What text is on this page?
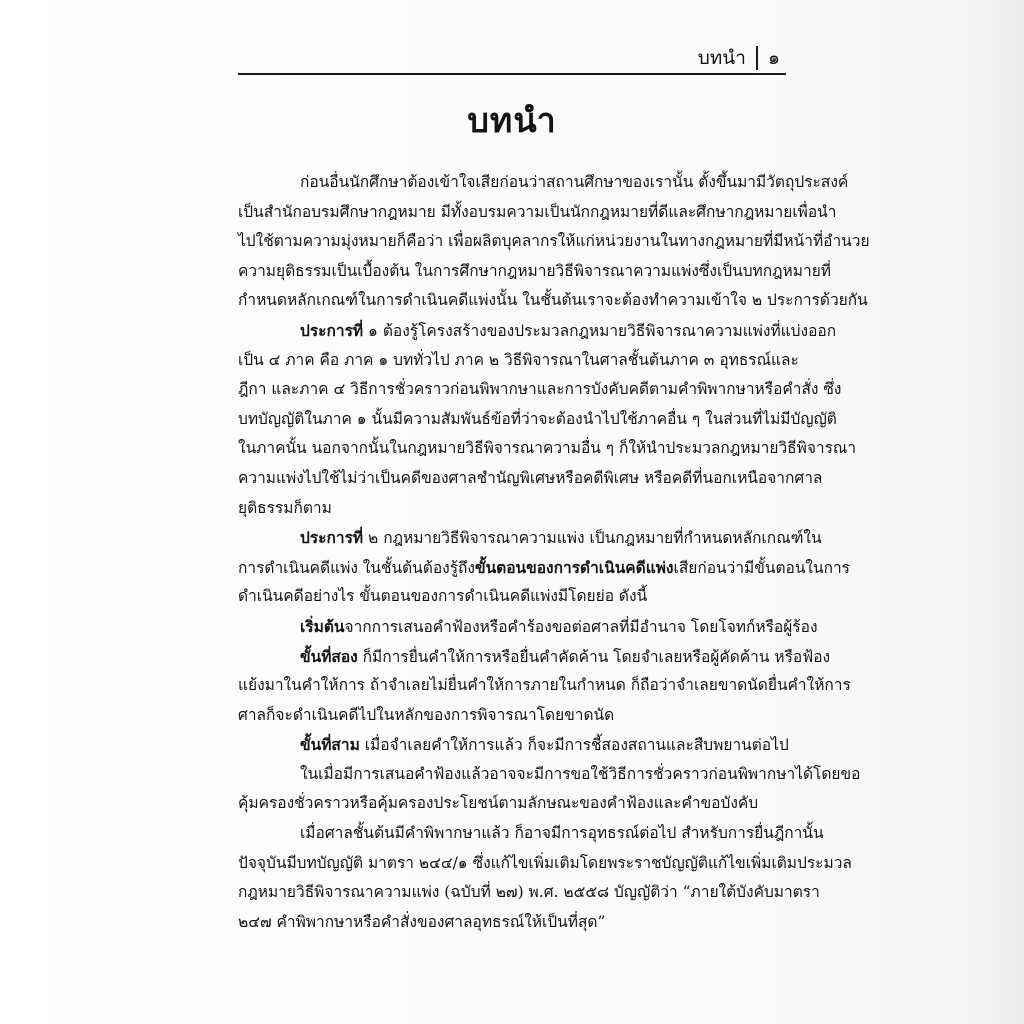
บทนำ ๑
บทนำ
ก่อนอื่นนักศึกษาต้องเข้าใจเสียก่อนว่าสถานศึกษาของเรานั้น ตั้งขึ้นมามีวัตถุประสงค์
เป็นสำนักอบรมศึกษากฎหมาย มีทั้งอบรมความเป็นนักกฎหมายที่ดีและศึกษากฎหมายเพื่อนำ
ไปใช้ตามความมุ่งหมายก็คือว่า เพื่อผลิตบุคลากรให้แก่หน่วยงานในทางกฎหมายที่มีหน้าที่อำนวย
ความยุติธรรมเป็นเบื้องต้น ในการศึกษากฎหมายวิธีพิจารณาความแพ่งซึ่งเป็นบทกฎหมายที่
กำหนดหลักเกณฑ์ในการดำเนินคดีแพ่งนั้น ในชั้นต้นเราจะต้องทำความเข้าใจ ๒ ประการด้วยกัน
ประการที่ ๑ ต้องรู้โครงสร้างของประมวลกฎหมายวิธีพิจารณาความแพ่งที่แบ่งออก
เป็น ๔ ภาค คือ ภาค ๑ บททั่วไป ภาค ๒ วิธีพิจารณาในศาลชั้นต้นภาค ๓ อุทธรณ์และ
ฎีกา และภาค ๔ วิธีการชั่วคราวก่อนพิพากษาและการบังคับคดีตามคำพิพากษาหรือคำสั่ง ซึ่ง
บทบัญญัติในภาค ๑ นั้นมีความสัมพันธ์ข้อที่ว่าจะต้องนำไปใช้ภาคอื่น ๆ ในส่วนที่ไม่มีบัญญัติ
ในภาคนั้น นอกจากนั้นในกฎหมายวิธีพิจารณาความอื่น ๆ ก็ให้นำประมวลกฎหมายวิธีพิจารณา
ความแพ่งไปใช้ไม่ว่าเป็นคดีของศาลชำนัญพิเศษหรือคดีพิเศษ หรือคดีที่นอกเหนือจากศาล
ยุติธรรมก็ตาม
ประการที่ ๒ กฎหมายวิธีพิจารณาความแพ่ง เป็นกฎหมายที่กำหนดหลักเกณฑ์ใน
การดำเนินคดีแพ่ง ในชั้นต้นต้องรู้ถึงขั้นตอนของการดำเนินคดีแพ่งเสียก่อนว่ามีขั้นตอนในการ
ดำเนินคดีอย่างไร ขั้นตอนของการดำเนินคดีแพ่งมีโดยย่อ ดังนี้
เริ่มต้นจากการเสนอคำฟ้องหรือคำร้องขอต่อศาลที่มีอำนาจ โดยโจทก์หรือผู้ร้อง
ขั้นที่สอง ก็มีการยื่นคำให้การหรือยื่นคำคัดค้าน โดยจำเลยหรือผู้คัดค้าน หรือฟ้อง
แย้งมาในคำให้การ ถ้าจำเลยไม่ยื่นคำให้การภายในกำหนด ก็ถือว่าจำเลยขาดนัดยื่นคำให้การ
ศาลก็จะดำเนินคดีไปในหลักของการพิจารณาโดยขาดนัด
ขั้นที่สาม เมื่อจำเลยคำให้การแล้ว ก็จะมีการชี้สองสถานและสืบพยานต่อไป
ในเมื่อมีการเสนอคำฟ้องแล้วอาจจะมีการขอใช้วิธีการชั่วคราวก่อนพิพากษาได้โดยขอ
คุ้มครองชั่วคราวหรือคุ้มครองประโยชน์ตามลักษณะของคำฟ้องและคำขอบังคับ
เมื่อศาลชั้นต้นมีคำพิพากษาแล้ว ก็อาจมีการอุทธรณ์ต่อไป สำหรับการยื่นฎีกานั้น
ปัจจุบันมีบทบัญญัติ มาตรา ๒๔๔/๑ ซึ่งแก้ไขเพิ่มเติมโดยพระราชบัญญัติแก้ไขเพิ่มเติมประมวล
กฎหมายวิธีพิจารณาความแพ่ง (ฉบับที่ ๒๗) พ.ศ. ๒๕๕๘ บัญญัติว่า “ภายใต้บังคับมาตรา
๒๔๗ คำพิพากษาหรือคำสั่งของศาลอุทธรณ์ให้เป็นที่สุด”
